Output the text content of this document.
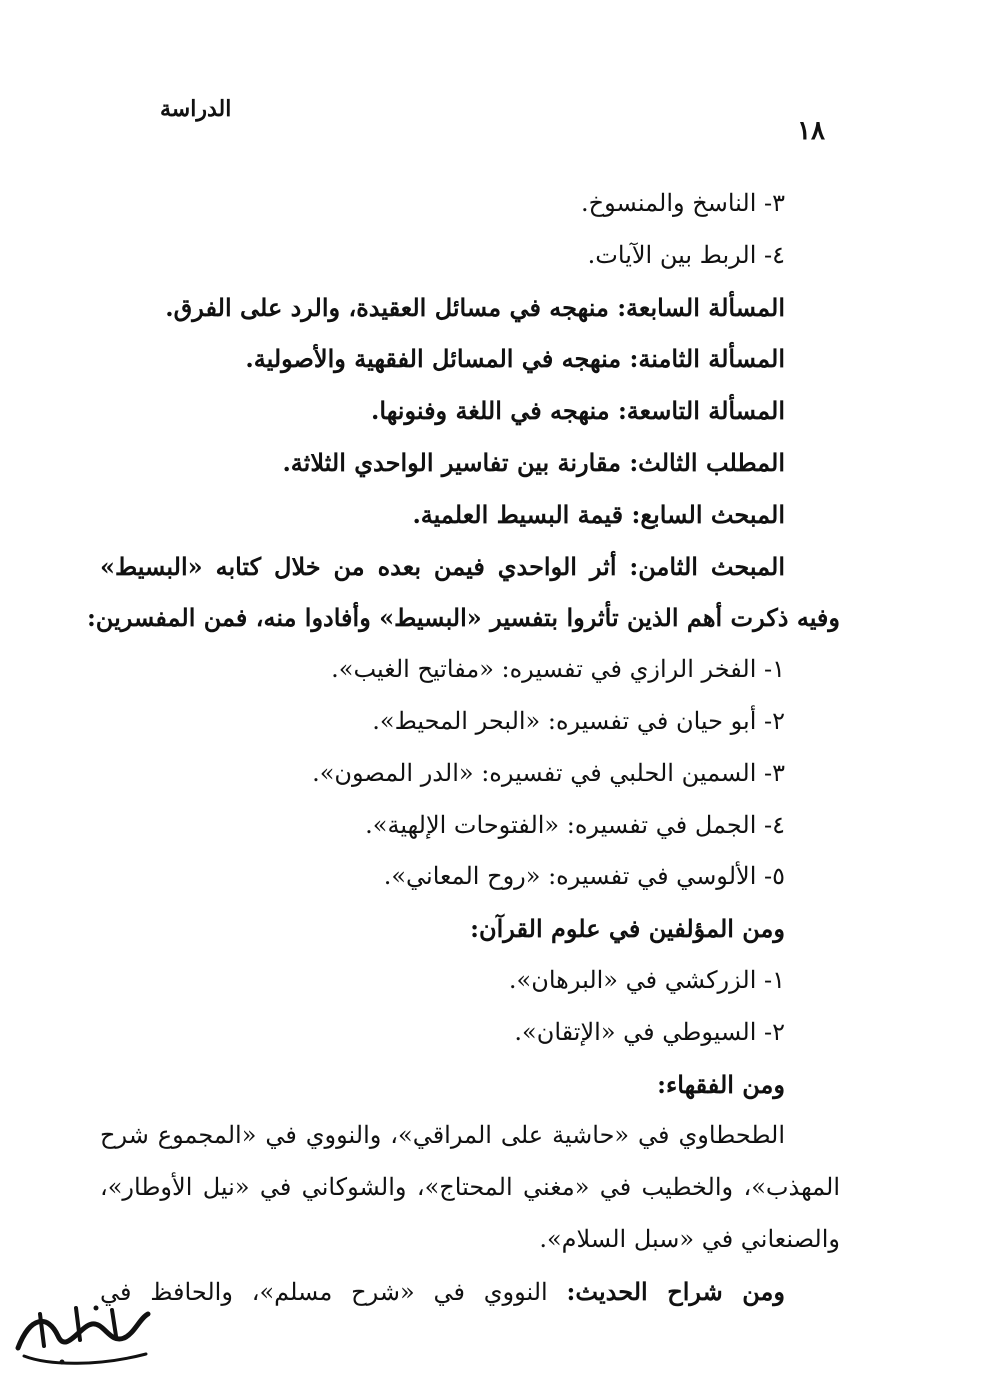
الدراسة
١٨
٣- الناسخ والمنسوخ.
٤- الربط بين الآيات.
المسألة السابعة: منهجه في مسائل العقيدة، والرد على الفرق.
المسألة الثامنة: منهجه في المسائل الفقهية والأصولية.
المسألة التاسعة: منهجه في اللغة وفنونها.
المطلب الثالث: مقارنة بين تفاسير الواحدي الثلاثة.
المبحث السابع: قيمة البسيط العلمية.
المبحث الثامن: أثر الواحدي فيمن بعده من خلال كتابه «البسيط»
وفيه ذكرت أهم الذين تأثروا بتفسير «البسيط» وأفادوا منه، فمن المفسرين:
١- الفخر الرازي في تفسيره: «مفاتيح الغيب».
٢- أبو حيان في تفسيره: «البحر المحيط».
٣- السمين الحلبي في تفسيره: «الدر المصون».
٤- الجمل في تفسيره: «الفتوحات الإلهية».
٥- الألوسي في تفسيره: «روح المعاني».
ومن المؤلفين في علوم القرآن:
١- الزركشي في «البرهان».
٢- السيوطي في «الإتقان».
ومن الفقهاء:
الطحطاوي في «حاشية على المراقي»، والنووي في «المجموع شرح
المهذب»، والخطيب في «مغني المحتاج»، والشوكاني في «نيل الأوطار»،
والصنعاني في «سبل السلام».
ومن شراح الحديث: النووي في «شرح مسلم»، والحافظ في
